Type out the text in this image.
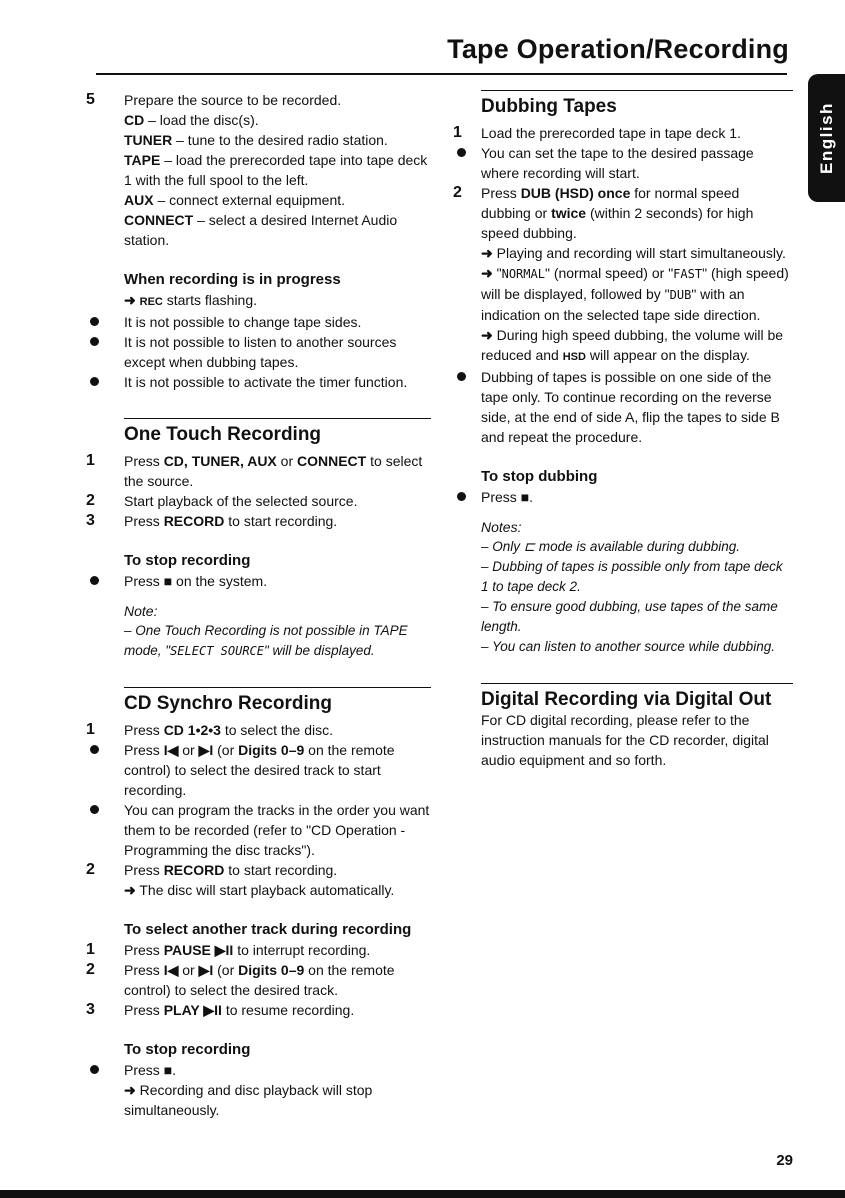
Tape Operation/Recording
English
5	Prepare the source to be recorded.
CD – load the disc(s).
TUNER – tune to the desired radio station.
TAPE – load the prerecorded tape into tape deck 1 with the full spool to the left.
AUX – connect external equipment.
CONNECT – select a desired Internet Audio station.
When recording is in progress
➜ REC starts flashing.
It is not possible to change tape sides.
It is not possible to listen to another sources except when dubbing tapes.
It is not possible to activate the timer function.
One Touch Recording
1	Press CD, TUNER, AUX or CONNECT to select the source.
2	Start playback of the selected source.
3	Press RECORD to start recording.
To stop recording
Press ■ on the system.
Note:
– One Touch Recording is not possible in TAPE mode, "SELECT SOURCE" will be displayed.
CD Synchro Recording
1	Press CD 1•2•3 to select the disc.
Press I◀ or ▶I (or Digits 0–9 on the remote control) to select the desired track to start recording.
You can program the tracks in the order you want them to be recorded (refer to "CD Operation - Programming the disc tracks").
2	Press RECORD to start recording.
➜ The disc will start playback automatically.
To select another track during recording
1	Press PAUSE ▶II to interrupt recording.
2	Press I◀ or ▶I (or Digits 0–9 on the remote control) to select the desired track.
3	Press PLAY ▶II to resume recording.
To stop recording
Press ■.
➜ Recording and disc playback will stop simultaneously.
Dubbing Tapes
1	Load the prerecorded tape in tape deck 1.
You can set the tape to the desired passage where recording will start.
2	Press DUB (HSD) once for normal speed dubbing or twice (within 2 seconds) for high speed dubbing.
➜ Playing and recording will start simultaneously.
➜ "NORMAL" (normal speed) or "FAST" (high speed) will be displayed, followed by "DUB" with an indication on the selected tape side direction.
➜ During high speed dubbing, the volume will be reduced and HSD will appear on the display.
Dubbing of tapes is possible on one side of the tape only. To continue recording on the reverse side, at the end of side A, flip the tapes to side B and repeat the procedure.
To stop dubbing
Press ■.
Notes:
– Only ⊏ mode is available during dubbing.
– Dubbing of tapes is possible only from tape deck 1 to tape deck 2.
– To ensure good dubbing, use tapes of the same length.
– You can listen to another source while dubbing.
Digital Recording via Digital Out
For CD digital recording, please refer to the instruction manuals for the CD recorder, digital audio equipment and so forth.
29
